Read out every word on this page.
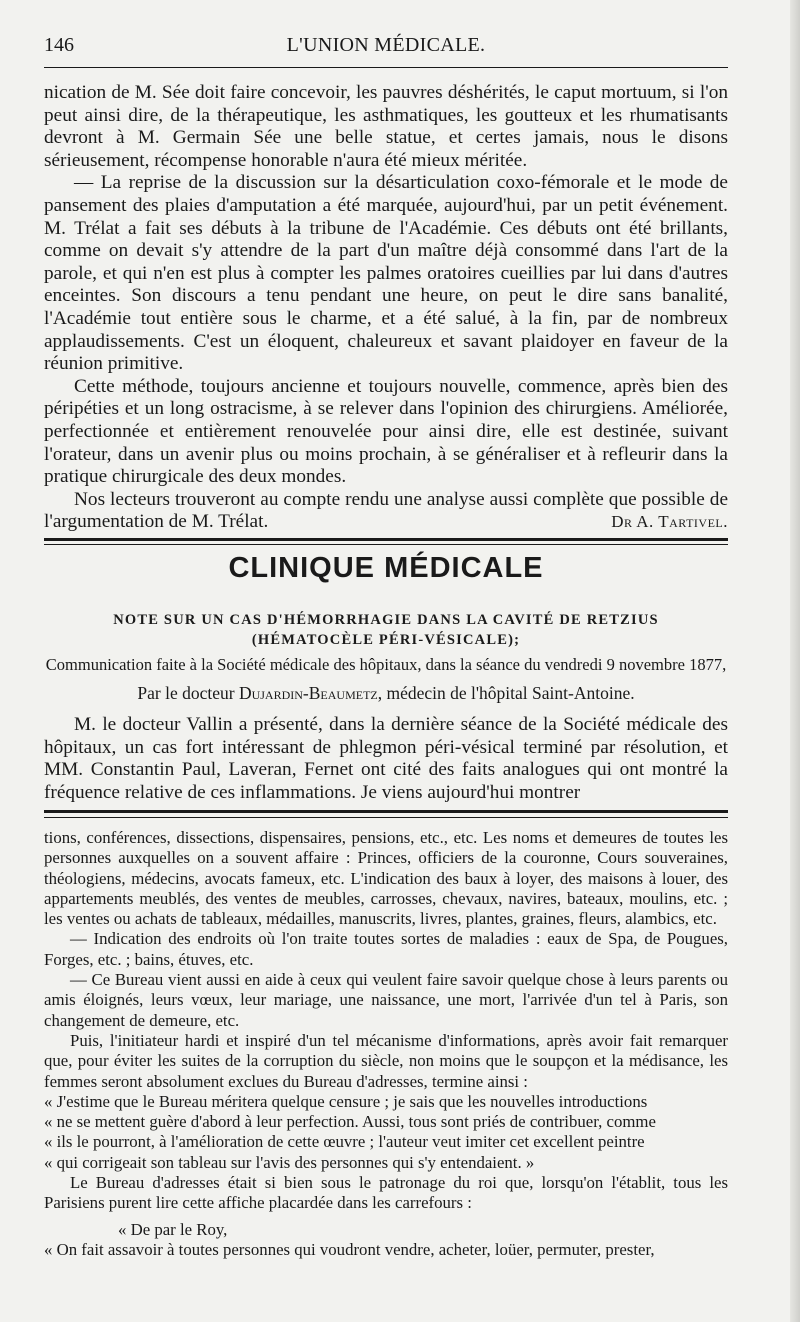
146	L'UNION MÉDICALE.

nication de M. Sée doit faire concevoir, les pauvres déshérités, le caput mortuum, si l'on peut ainsi dire, de la thérapeutique, les asthmatiques, les goutteux et les rhumatisants devront à M. Germain Sée une belle statue, et certes jamais, nous le disons sérieusement, récompense honorable n'aura été mieux méritée.

— La reprise de la discussion sur la désarticulation coxo-fémorale et le mode de pansement des plaies d'amputation a été marquée, aujourd'hui, par un petit événement. M. Trélat a fait ses débuts à la tribune de l'Académie. Ces débuts ont été brillants, comme on devait s'y attendre de la part d'un maître déjà consommé dans l'art de la parole, et qui n'en est plus à compter les palmes oratoires cueillies par lui dans d'autres enceintes. Son discours a tenu pendant une heure, on peut le dire sans banalité, l'Académie tout entière sous le charme, et a été salué, à la fin, par de nombreux applaudissements. C'est un éloquent, chaleureux et savant plaidoyer en faveur de la réunion primitive.

Cette méthode, toujours ancienne et toujours nouvelle, commence, après bien des péripéties et un long ostracisme, à se relever dans l'opinion des chirurgiens. Améliorée, perfectionnée et entièrement renouvelée pour ainsi dire, elle est destinée, suivant l'orateur, dans un avenir plus ou moins prochain, à se généraliser et à refleurir dans la pratique chirurgicale des deux mondes.

Nos lecteurs trouveront au compte rendu une analyse aussi complète que possible de l'argumentation de M. Trélat.	Dr A. Tartivel.
CLINIQUE MÉDICALE
NOTE SUR UN CAS D'HÉMORRHAGIE DANS LA CAVITÉ DE RETZIUS
(HÉMATOCÈLE PÉRI-VÉSICALE);
Communication faite à la Société médicale des hôpitaux, dans la séance du vendredi 9 novembre 1877,
Par le docteur Dujardin-Beaumetz, médecin de l'hôpital Saint-Antoine.

M. le docteur Vallin a présenté, dans la dernière séance de la Société médicale des hôpitaux, un cas fort intéressant de phlegmon péri-vésical terminé par résolution, et MM. Constantin Paul, Laveran, Fernet ont cité des faits analogues qui ont montré la fréquence relative de ces inflammations. Je viens aujourd'hui montrer

tions, conférences, dissections, dispensaires, pensions, etc., etc. Les noms et demeures de toutes les personnes auxquelles on a souvent affaire : Princes, officiers de la couronne, Cours souveraines, théologiens, médecins, avocats fameux, etc. L'indication des baux à loyer, des maisons à louer, des appartements meublés, des ventes de meubles, carrosses, chevaux, navires, bateaux, moulins, etc. ; les ventes ou achats de tableaux, médailles, manuscrits, livres, plantes, graines, fleurs, alambics, etc.

— Indication des endroits où l'on traite toutes sortes de maladies : eaux de Spa, de Pougues, Forges, etc. ; bains, étuves, etc.

— Ce Bureau vient aussi en aide à ceux qui veulent faire savoir quelque chose à leurs parents ou amis éloignés, leurs vœux, leur mariage, une naissance, une mort, l'arrivée d'un tel à Paris, son changement de demeure, etc.

Puis, l'initiateur hardi et inspiré d'un tel mécanisme d'informations, après avoir fait remarquer que, pour éviter les suites de la corruption du siècle, non moins que le soupçon et la médisance, les femmes seront absolument exclues du Bureau d'adresses, termine ainsi :

« J'estime que le Bureau méritera quelque censure ; je sais que les nouvelles introductions

« ne se mettent guère d'abord à leur perfection. Aussi, tous sont priés de contribuer, comme

« ils le pourront, à l'amélioration de cette œuvre ; l'auteur veut imiter cet excellent peintre

« qui corrigeait son tableau sur l'avis des personnes qui s'y entendaient. »

Le Bureau d'adresses était si bien sous le patronage du roi que, lorsqu'on l'établit, tous les Parisiens purent lire cette affiche placardée dans les carrefours :

« De par le Roy,

« On fait assavoir à toutes personnes qui voudront vendre, acheter, loüer, permuter, prester,
